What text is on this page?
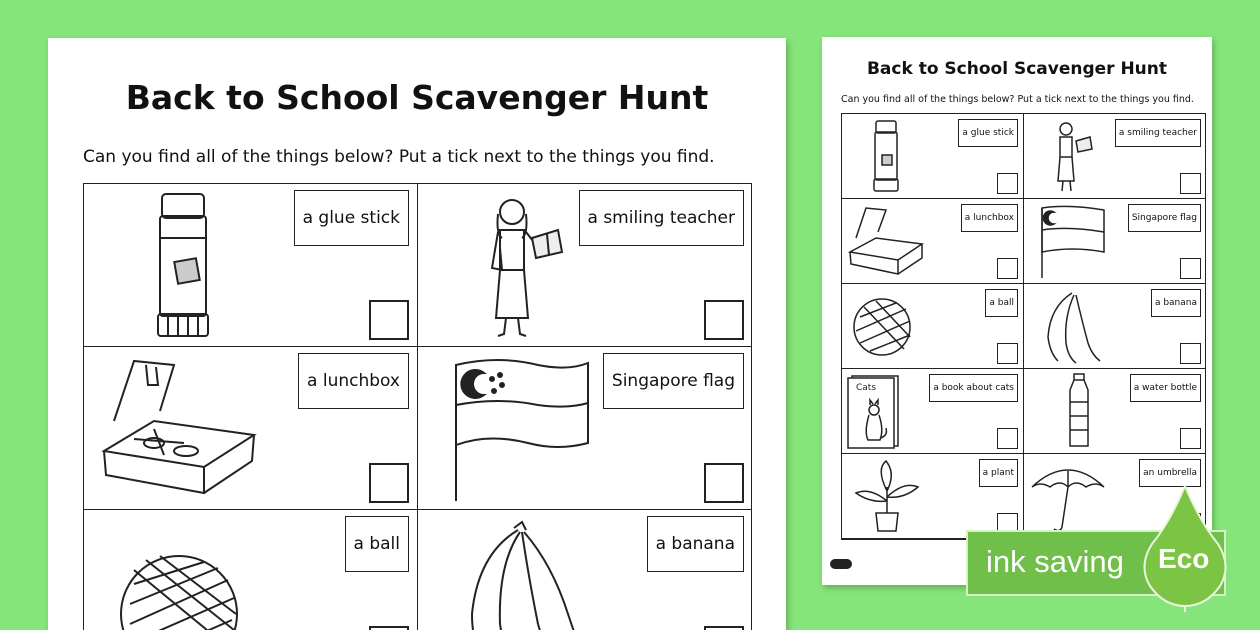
Back to School Scavenger Hunt
Can you find all of the things below? Put a tick next to the things you find.
a glue stick	a smiling teacher
a lunchbox	Singapore flag
a ball	a banana
Back to School Scavenger Hunt
Can you find all of the things below? Put a tick next to the things you find.
a glue stick	a smiling teacher
a lunchbox	Singapore flag
a ball	a banana
Cats	a book about cats	a water bottle
a plant	an umbrella
ink saving Eco
